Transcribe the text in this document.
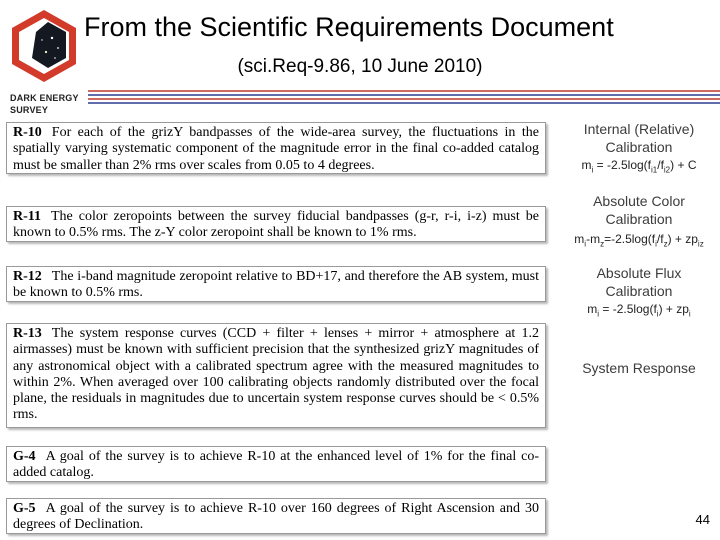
DARK ENERGY
SURVEY
From the Scientific Requirements Document
(sci.Req-9.86, 10 June 2010)
R-10 For each of the grizY bandpasses of the wide-area survey, the fluctuations in the spatially varying systematic component of the magnitude error in the final co-added catalog must be smaller than 2% rms over scales from 0.05 to 4 degrees.
R-11 The color zeropoints between the survey fiducial bandpasses (g-r, r-i, i-z) must be known to 0.5% rms. The z-Y color zeropoint shall be known to 1% rms.
R-12 The i-band magnitude zeropoint relative to BD+17, and therefore the AB system, must be known to 0.5% rms.
R-13 The system response curves (CCD + filter + lenses + mirror + atmosphere at 1.2 airmasses) must be known with sufficient precision that the synthesized grizY magnitudes of any astronomical object with a calibrated spectrum agree with the measured magnitudes to within 2%. When averaged over 100 calibrating objects randomly distributed over the focal plane, the residuals in magnitudes due to uncertain system response curves should be < 0.5% rms.
G-4 A goal of the survey is to achieve R-10 at the enhanced level of 1% for the final co-added catalog.
G-5 A goal of the survey is to achieve R-10 over 160 degrees of Right Ascension and 30 degrees of Declination.
Internal (Relative)
Calibration
$m_i = -2.5\log(f_{i1}/f_{i2}) + C$
Absolute Color
Calibration
$m_i-m_z=-2.5\log(f_i/f_z) + zp_{iz}$
Absolute Flux
Calibration
$m_i = -2.5\log(f_i) + zp_i$
System Response
44
